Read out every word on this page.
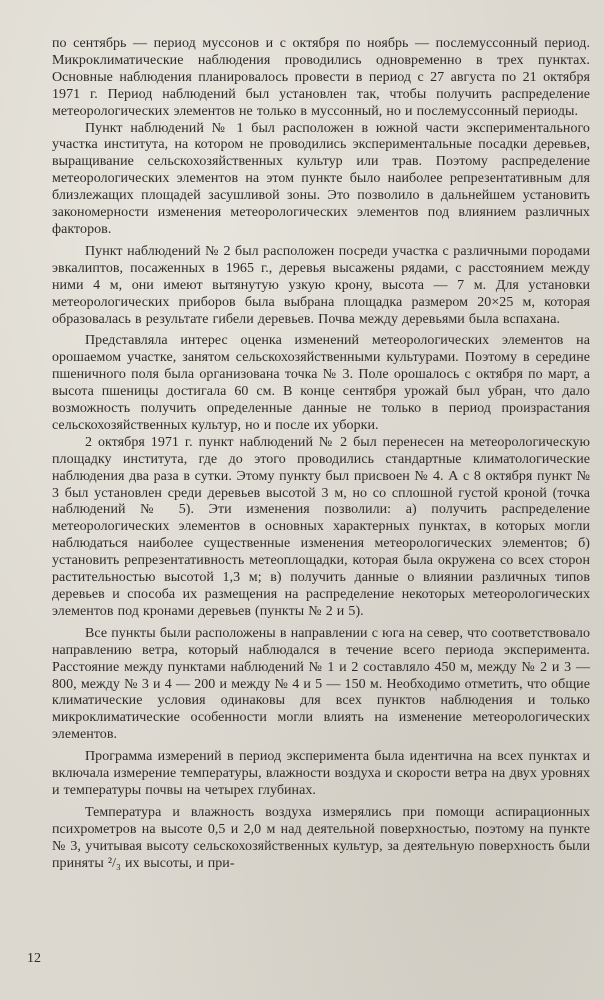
по сентябрь — период муссонов и с октября по ноябрь — послемуссонный период. Микроклиматические наблюдения проводились одновременно в трех пунктах. Основные наблюдения планировалось провести в период с 27 августа по 21 октября 1971 г. Период наблюдений был установлен так, чтобы получить распределение метеорологических элементов не только в муссонный, но и послемуссонный периоды.

Пункт наблюдений № 1 был расположен в южной части экспериментального участка института, на котором не проводились экспериментальные посадки деревьев, выращивание сельскохозяйственных культур или трав. Поэтому распределение метеорологических элементов на этом пункте было наиболее репрезентативным для близлежащих площадей засушливой зоны. Это позволило в дальнейшем установить закономерности изменения метеорологических элементов под влиянием различных факторов.

Пункт наблюдений № 2 был расположен посреди участка с различными породами эвкалиптов, посаженных в 1965 г., деревья высажены рядами, с расстоянием между ними 4 м, они имеют вытянутую узкую крону, высота — 7 м. Для установки метеорологических приборов была выбрана площадка размером 20×25 м, которая образовалась в результате гибели деревьев. Почва между деревьями была вспахана.

Представляла интерес оценка изменений метеорологических элементов на орошаемом участке, занятом сельскохозяйственными культурами. Поэтому в середине пшеничного поля была организована точка № 3. Поле орошалось с октября по март, а высота пшеницы достигала 60 см. В конце сентября урожай был убран, что дало возможность получить определенные данные не только в период произрастания сельскохозяйственных культур, но и после их уборки.

2 октября 1971 г. пункт наблюдений № 2 был перенесен на метеорологическую площадку института, где до этого проводились стандартные климатологические наблюдения два раза в сутки. Этому пункту был присвоен № 4. А с 8 октября пункт № 3 был установлен среди деревьев высотой 3 м, но со сплошной густой кроной (точка наблюдений № 5). Эти изменения позволили: а) получить распределение метеорологических элементов в основных характерных пунктах, в которых могли наблюдаться наиболее существенные изменения метеорологических элементов; б) установить репрезентативность метеоплощадки, которая была окружена со всех сторон растительностью высотой 1,3 м; в) получить данные о влиянии различных типов деревьев и способа их размещения на распределение некоторых метеорологических элементов под кронами деревьев (пункты № 2 и 5).

Все пункты были расположены в направлении с юга на север, что соответствовало направлению ветра, который наблюдался в течение всего периода эксперимента. Расстояние между пунктами наблюдений № 1 и 2 составляло 450 м, между № 2 и 3 — 800, между № 3 и 4 — 200 и между № 4 и 5 — 150 м. Необходимо отметить, что общие климатические условия одинаковы для всех пунктов наблюдения и только микроклиматические особенности могли влиять на изменение метеорологических элементов.

Программа измерений в период эксперимента была идентична на всех пунктах и включала измерение температуры, влажности воздуха и скорости ветра на двух уровнях и температуры почвы на четырех глубинах.

Температура и влажность воздуха измерялись при помощи аспирационных психрометров на высоте 0,5 и 2,0 м над деятельной поверхностью, поэтому на пункте № 3, учитывая высоту сельскохозяйственных культур, за деятельную поверхность были приняты ²/₃ их высоты, и при-

12
